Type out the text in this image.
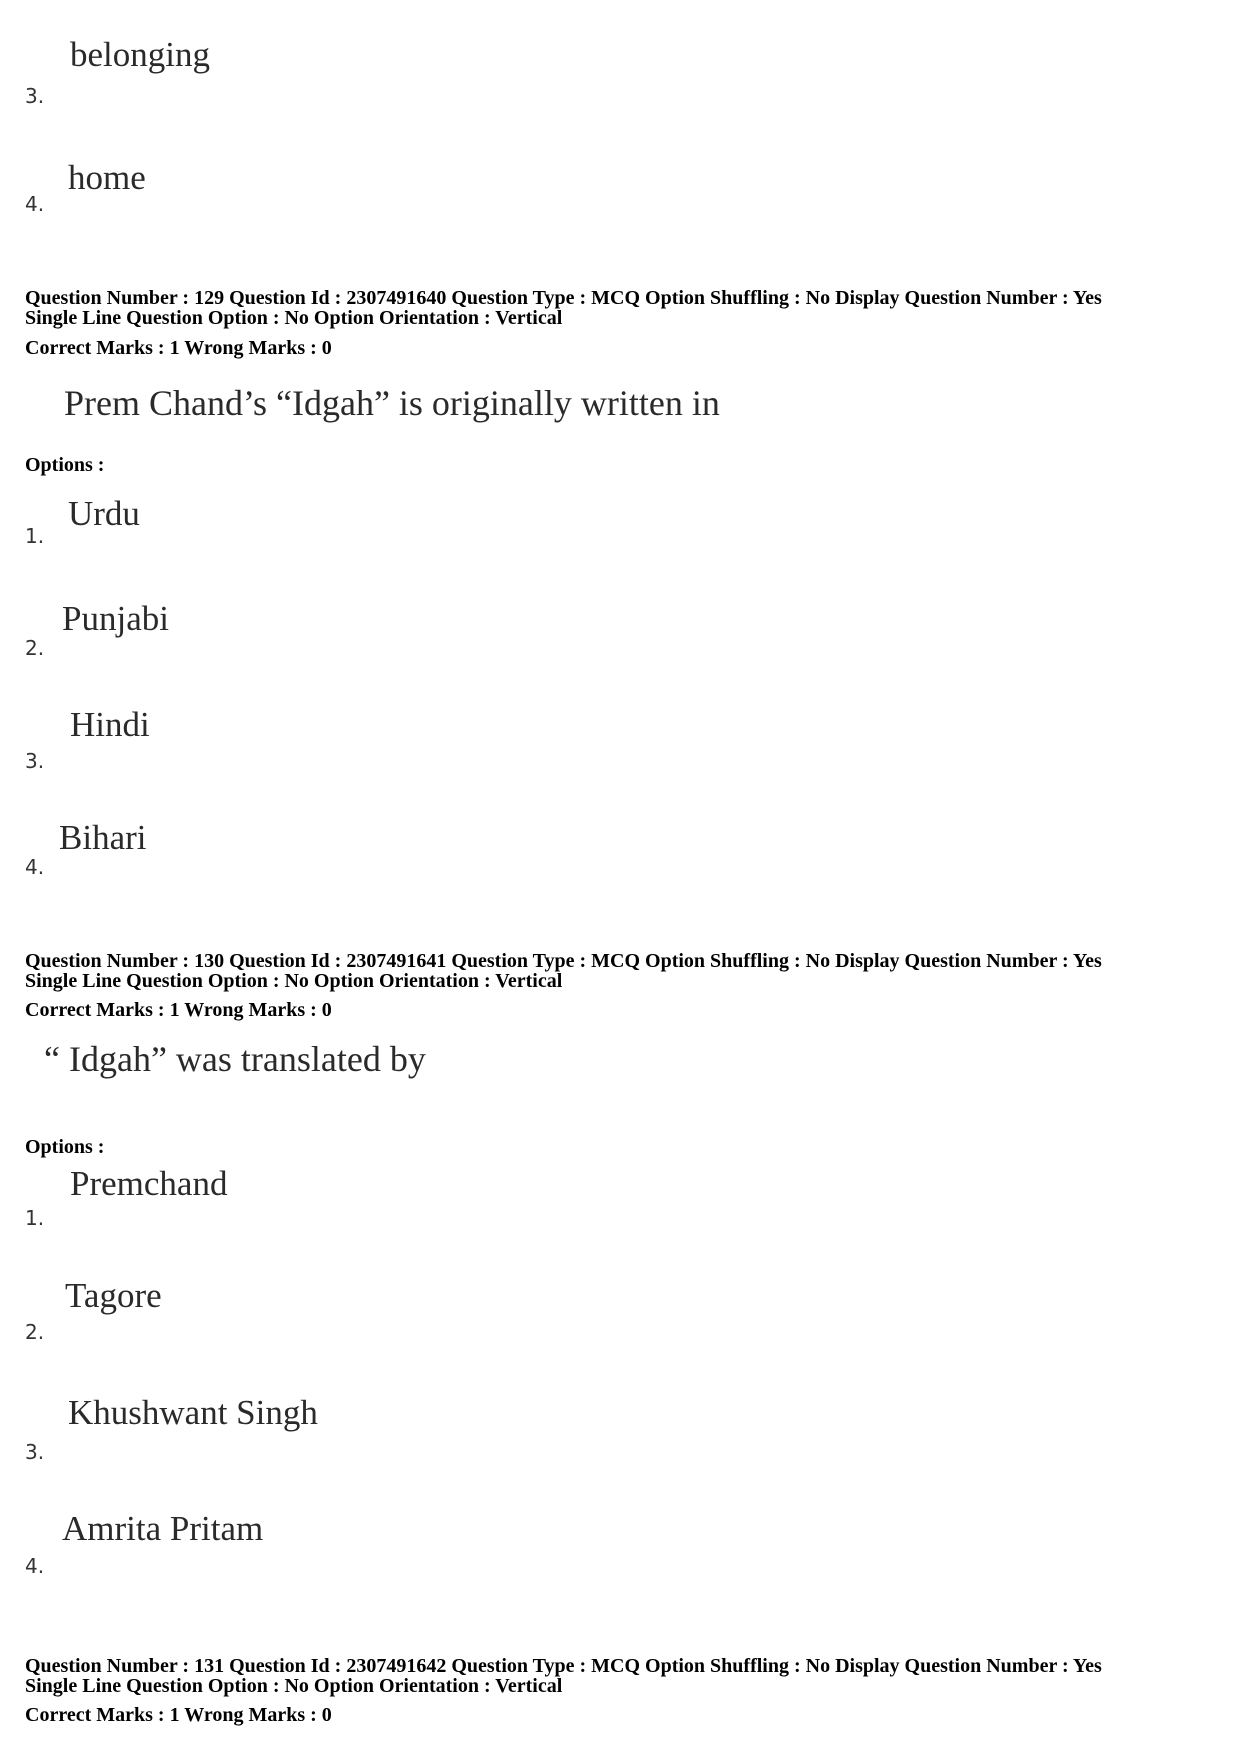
belonging
3.
home
4.
Question Number : 129 Question Id : 2307491640 Question Type : MCQ Option Shuffling : No Display Question Number : Yes
Single Line Question Option : No Option Orientation : Vertical
Correct Marks : 1 Wrong Marks : 0
Prem Chand’s “Idgah” is originally written in
Options :
Urdu
1.
Punjabi
2.
Hindi
3.
Bihari
4.
Question Number : 130 Question Id : 2307491641 Question Type : MCQ Option Shuffling : No Display Question Number : Yes
Single Line Question Option : No Option Orientation : Vertical
Correct Marks : 1 Wrong Marks : 0
“ Idgah” was translated by
Options :
Premchand
1.
Tagore
2.
Khushwant Singh
3.
Amrita Pritam
4.
Question Number : 131 Question Id : 2307491642 Question Type : MCQ Option Shuffling : No Display Question Number : Yes
Single Line Question Option : No Option Orientation : Vertical
Correct Marks : 1 Wrong Marks : 0
